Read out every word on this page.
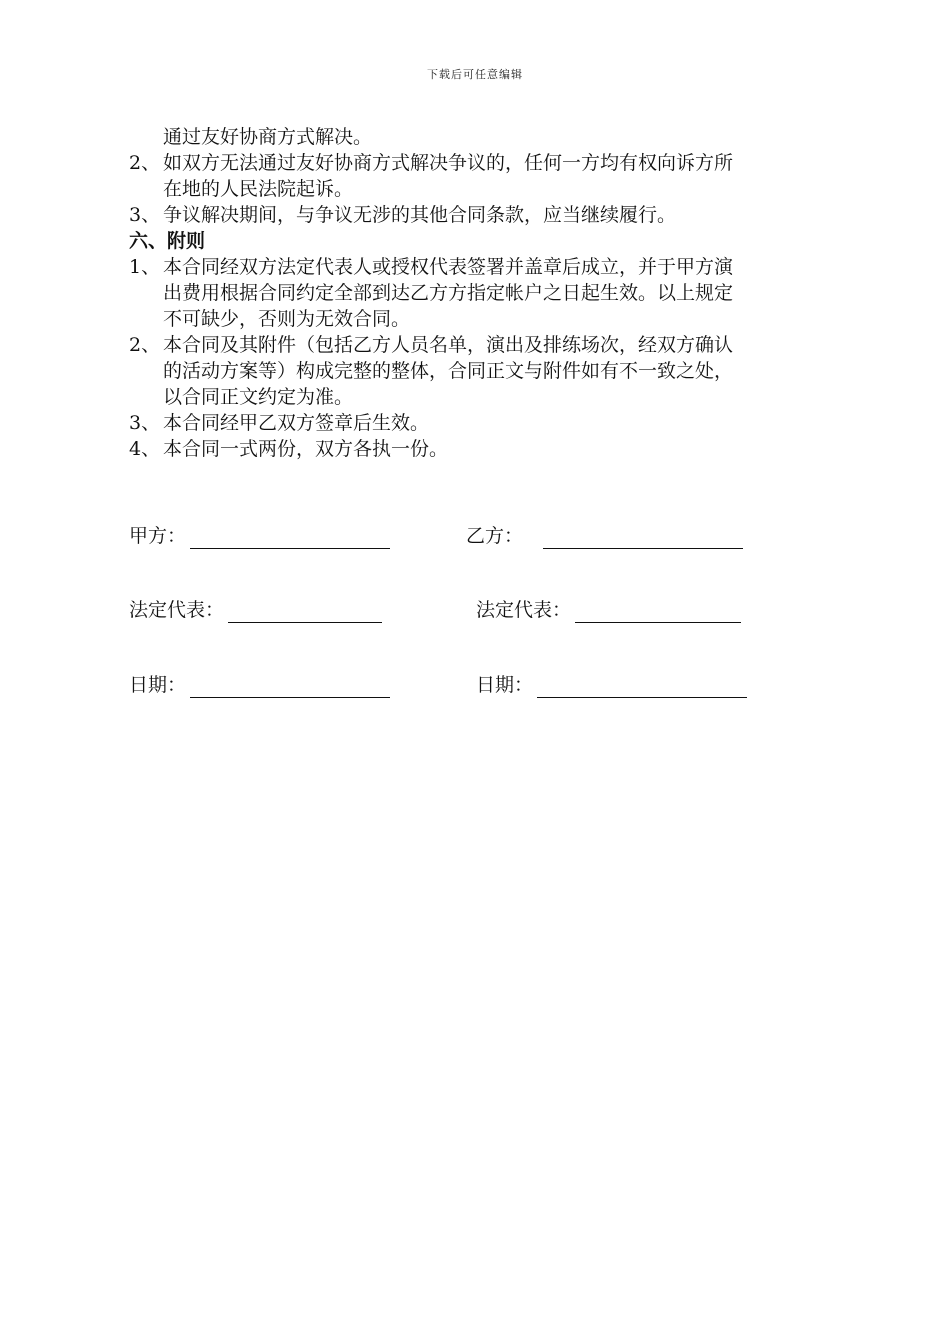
下载后可任意编辑
通过友好协商方式解决。
2、 如双方无法通过友好协商方式解决争议的，任何一方均有权向诉方所
在地的人民法院起诉。
3、 争议解决期间，与争议无涉的其他合同条款，应当继续履行。
六、附则
1、 本合同经双方法定代表人或授权代表签署并盖章后成立，并于甲方演
出费用根据合同约定全部到达乙方方指定帐户之日起生效。以上规定
不可缺少，否则为无效合同。
2、 本合同及其附件（包括乙方人员名单，演出及排练场次，经双方确认
的活动方案等）构成完整的整体，合同正文与附件如有不一致之处，
以合同正文约定为准。
3、 本合同经甲乙双方签章后生效。
4、 本合同一式两份，双方各执一份。
甲方：	乙方：
法定代表：	法定代表：
日期：	日期：
